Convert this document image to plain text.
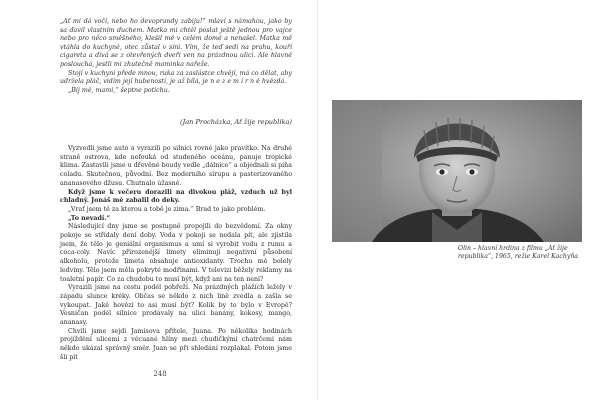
„Ať mi dá vočí, nebo ho devoprandy zabiju!“ mlaví s námahou, jako by sa ďavil vlastním duchem. Matka mi chtěl poslat ještě jednou pro vajce nebo pro něco směšného, klešil mě v celém domě a nenašel. Matka mě vtáhla do kuchyně, otec zůstal v síni. Vím, že teď sedí na prahu, kouří cigareta a dívá se z otevřených dveří ven na prázdnou ulici. Ale hlavně poslouchá, jestli mi zhutečně maminka nařeže.

Stojí v kuchyni přede mnou, ruka za zaslástce chvějí, má co dělat, aby udržela pláč, vidím její hubeností, je až bílá, je n e z e m í r n ě hvězdá.

„Bij mě, mami,“ šeptne potichu.

(Jan Procházka, Ať žije republika)

Vyzvedli jsme auto a vyrazili po silnici rovné jako pravítko. Na druhé straně ostrova, kde nefouká od studeného oceánu, panuje tropické klima. Zastavili jsme u dřevěné boudy vedle „dálnice“ a objednali si piňa coladu. Skutečnou, původní. Bez moderního sirupu a pasterizovaného ananasového džusu. Chutnalo úžasně.

Když jsme k večeru dorazili na divokou pláž, vzduch už byl chladný. Jonáš mě zabalil do deky.

„Vrať jsem tě za kterou a tobě je zima.“ Brad to jako problém.

„To nevadí.“

Následující dny jsme se postupně propojili do bezvědomí. Za okny pokoje se střídaly dení doby. Voda v pokoji se nedala pít, ale zjistila jsem, že tělo je geniální organismus a umí si vyrobit vodu z rumu a coca-coly. Navíc přirozenější limety eliminují negativní působení alkoholu, protože limeta obsahuje antioxidanty. Trochu mě bolely ledviny. Tělo jsem měla pokryté modřinami. V televizi běžely reklamy na toaletní papír. Co za chudobu to musí být, když ani na ten není?

Vyrazili jsme na cestu podél pobřeží. Na prázdných plážích ležely v západu slunce kréky. Občas se někdo z nich lině zvedla a zašla se vykoupat. Jaké hovězí to asi musí být? Kolik by to bylo v Evropě? Vesničan podél silnice prodávaly na ulici banány, kokosy, mango, ananasy.

Chvíli jsme sejdí Jamisova přítele, Juana. Po několika hodinách projíždění ulicemi z vécuané hlíny mezi chudičkými chatrčemi nám někdo ukázal správný směr. Juan se při shledání rozplakal. Potom jsme šli pít

248
Olin – hlavní hrdina z filmu „Ať žije republika“, 1965, režie Karel Kachyňa
